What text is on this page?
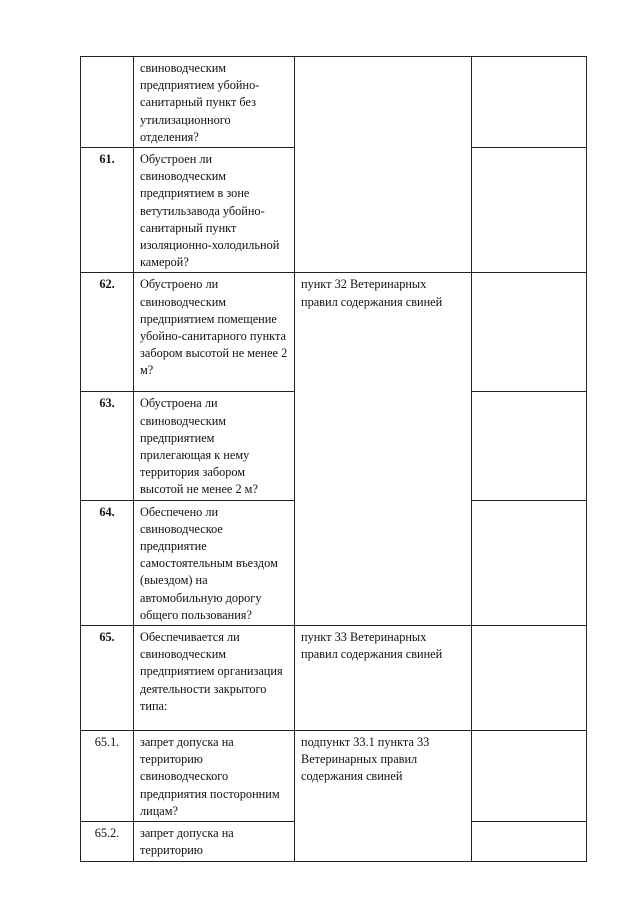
	свиноводческим предприятием убойно-санитарный пункт без утилизационного отделения?			

61.	Обустроен ли свиноводческим предприятием в зоне ветутильзавода убойно-санитарный пункт изоляционно-холодильной камерой?		

62.	Обустроено ли свиноводческим предприятием помещение убойно-санитарного пункта забором высотой не менее 2 м?	пункт 32 Ветеринарных правил содержания свиней	

63.	Обустроена ли свиноводческим предприятием прилегающая к нему территория забором высотой не менее 2 м?		

64.	Обеспечено ли свиноводческое предприятие самостоятельным въездом (выездом) на автомобильную дорогу общего пользования?		

65.	Обеспечивается ли свиноводческим предприятием организация деятельности закрытого типа:	пункт 33 Ветеринарных правил содержания свиней	

65.1.	запрет допуска на территорию свиноводческого предприятия посторонним лицам?	подпункт 33.1 пункта 33 Ветеринарных правил содержания свиней	

65.2.	запрет допуска на территорию		
